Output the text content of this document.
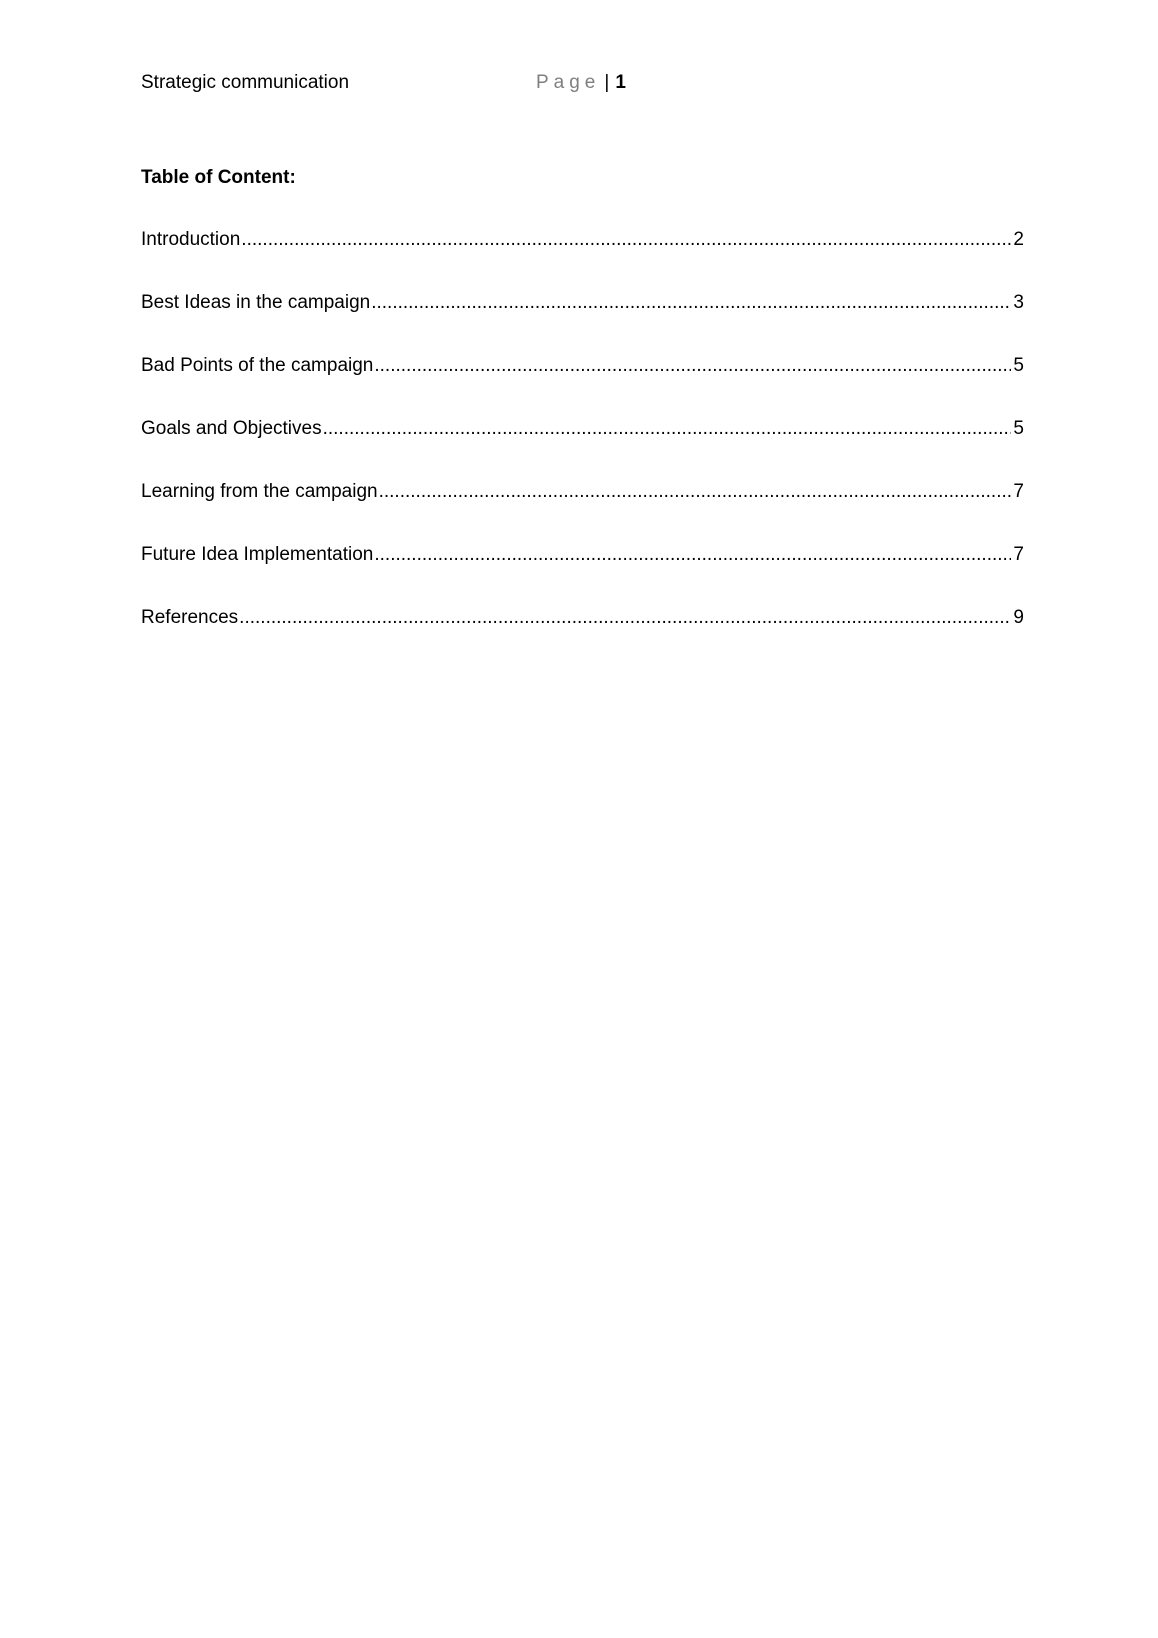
Strategic communication	Page | 1
Table of Content:
Introduction .....	2
Best Ideas in the campaign .....	3
Bad Points of the campaign .....	5
Goals and Objectives .....	5
Learning from the campaign .....	7
Future Idea Implementation .....	7
References .....	9
